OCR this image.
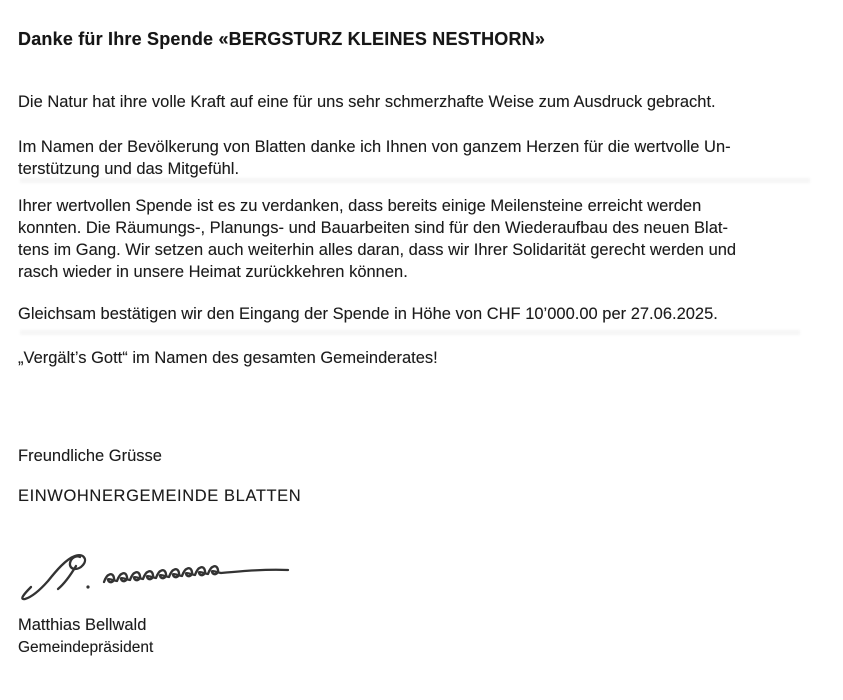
Danke für Ihre Spende «BERGSTURZ KLEINES NESTHORN»
Die Natur hat ihre volle Kraft auf eine für uns sehr schmerzhafte Weise zum Ausdruck gebracht.
Im Namen der Bevölkerung von Blatten danke ich Ihnen von ganzem Herzen für die wertvolle Un-
terstützung und das Mitgefühl.
Ihrer wertvollen Spende ist es zu verdanken, dass bereits einige Meilensteine erreicht werden
konnten. Die Räumungs-, Planungs- und Bauarbeiten sind für den Wiederaufbau des neuen Blat-
tens im Gang. Wir setzen auch weiterhin alles daran, dass wir Ihrer Solidarität gerecht werden und
rasch wieder in unsere Heimat zurückkehren können.
Gleichsam bestätigen wir den Eingang der Spende in Höhe von CHF 10’000.00 per 27.06.2025.
„Vergält’s Gott“ im Namen des gesamten Gemeinderates!
Freundliche Grüsse
EINWOHNERGEMEINDE BLATTEN
Matthias Bellwald
Gemeindepräsident
